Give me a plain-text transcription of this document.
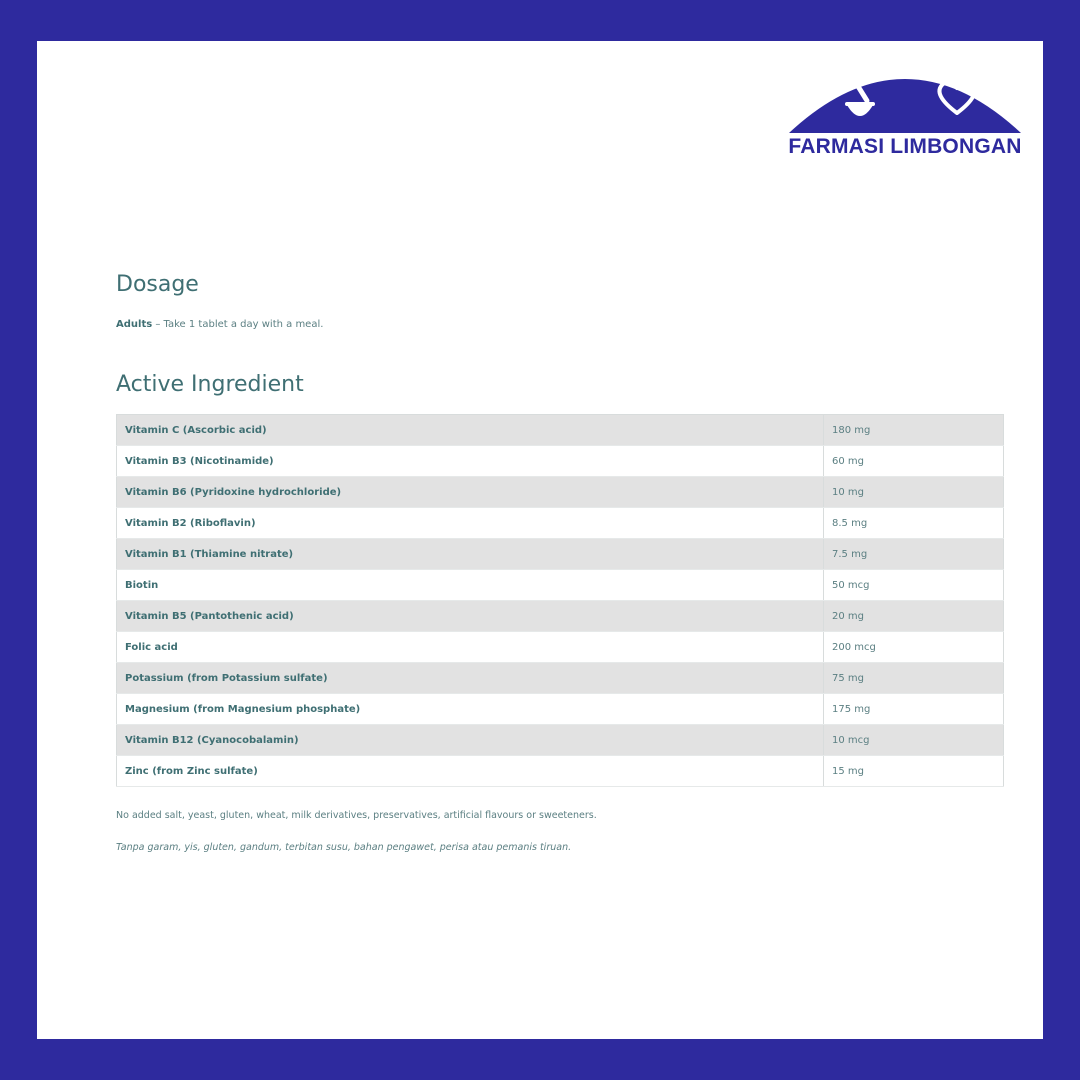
FARMASI LIMBONGAN
Dosage
Adults – Take 1 tablet a day with a meal.
Active Ingredient
Vitamin C (Ascorbic acid)	180 mg
Vitamin B3 (Nicotinamide)	60 mg
Vitamin B6 (Pyridoxine hydrochloride)	10 mg
Vitamin B2 (Riboflavin)	8.5 mg
Vitamin B1 (Thiamine nitrate)	7.5 mg
Biotin	50 mcg
Vitamin B5 (Pantothenic acid)	20 mg
Folic acid	200 mcg
Potassium (from Potassium sulfate)	75 mg
Magnesium (from Magnesium phosphate)	175 mg
Vitamin B12 (Cyanocobalamin)	10 mcg
Zinc (from Zinc sulfate)	15 mg
No added salt, yeast, gluten, wheat, milk derivatives, preservatives, artificial flavours or sweeteners.
Tanpa garam, yis, gluten, gandum, terbitan susu, bahan pengawet, perisa atau pemanis tiruan.
